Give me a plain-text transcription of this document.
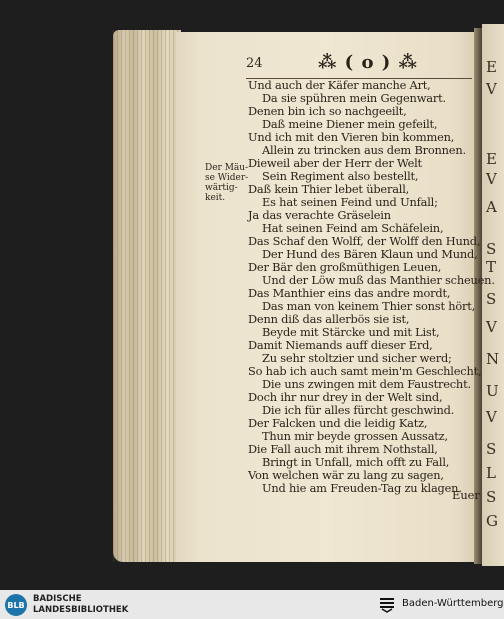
E
V
E
V
A
S
T
S
V
N
U
V
S
L
S
G
24	⁂ ( o ) ⁂
Der Mäu-se Wider-wärtig-keit.
Und auch der Käfer manche Art,
Da sie spühren mein Gegenwart.
Denen bin ich so nachgeeilt,
Daß meine Diener mein gefeilt,
Und ich mit den Vieren bin kommen,
Allein zu trincken aus dem Bronnen.
Dieweil aber der Herr der Welt
Sein Regiment also bestellt,
Daß kein Thier lebet überall,
Es hat seinen Feind und Unfall;
Ja das verachte Gräselein
Hat seinen Feind am Schäfelein,
Das Schaf den Wolff, der Wolff den Hund,
Der Hund des Bären Klaun und Mund,
Der Bär den großmüthigen Leuen,
Und der Löw muß das Manthier scheuen.
Das Manthier eins das andre mordt,
Das man von keinem Thier sonst hört,
Denn diß das allerbös sie ist,
Beyde mit Stärcke und mit List,
Damit Niemands auff dieser Erd,
Zu sehr stoltzier und sicher werd;
So hab ich auch samt mein'm Geschlecht,
Die uns zwingen mit dem Faustrecht.
Doch ihr nur drey in der Welt sind,
Die ich für alles fürcht geschwind.
Der Falcken und die leidig Katz,
Thun mir beyde grossen Aussatz,
Die Fall auch mit ihrem Nothstall,
Bringt in Unfall, mich offt zu Fall,
Von welchen wär zu lang zu sagen,
Und hie am Freuden-Tag zu klagen.
Euer
BLB
BADISCHE
LANDESBIBLIOTHEK
Baden-Württemberg
